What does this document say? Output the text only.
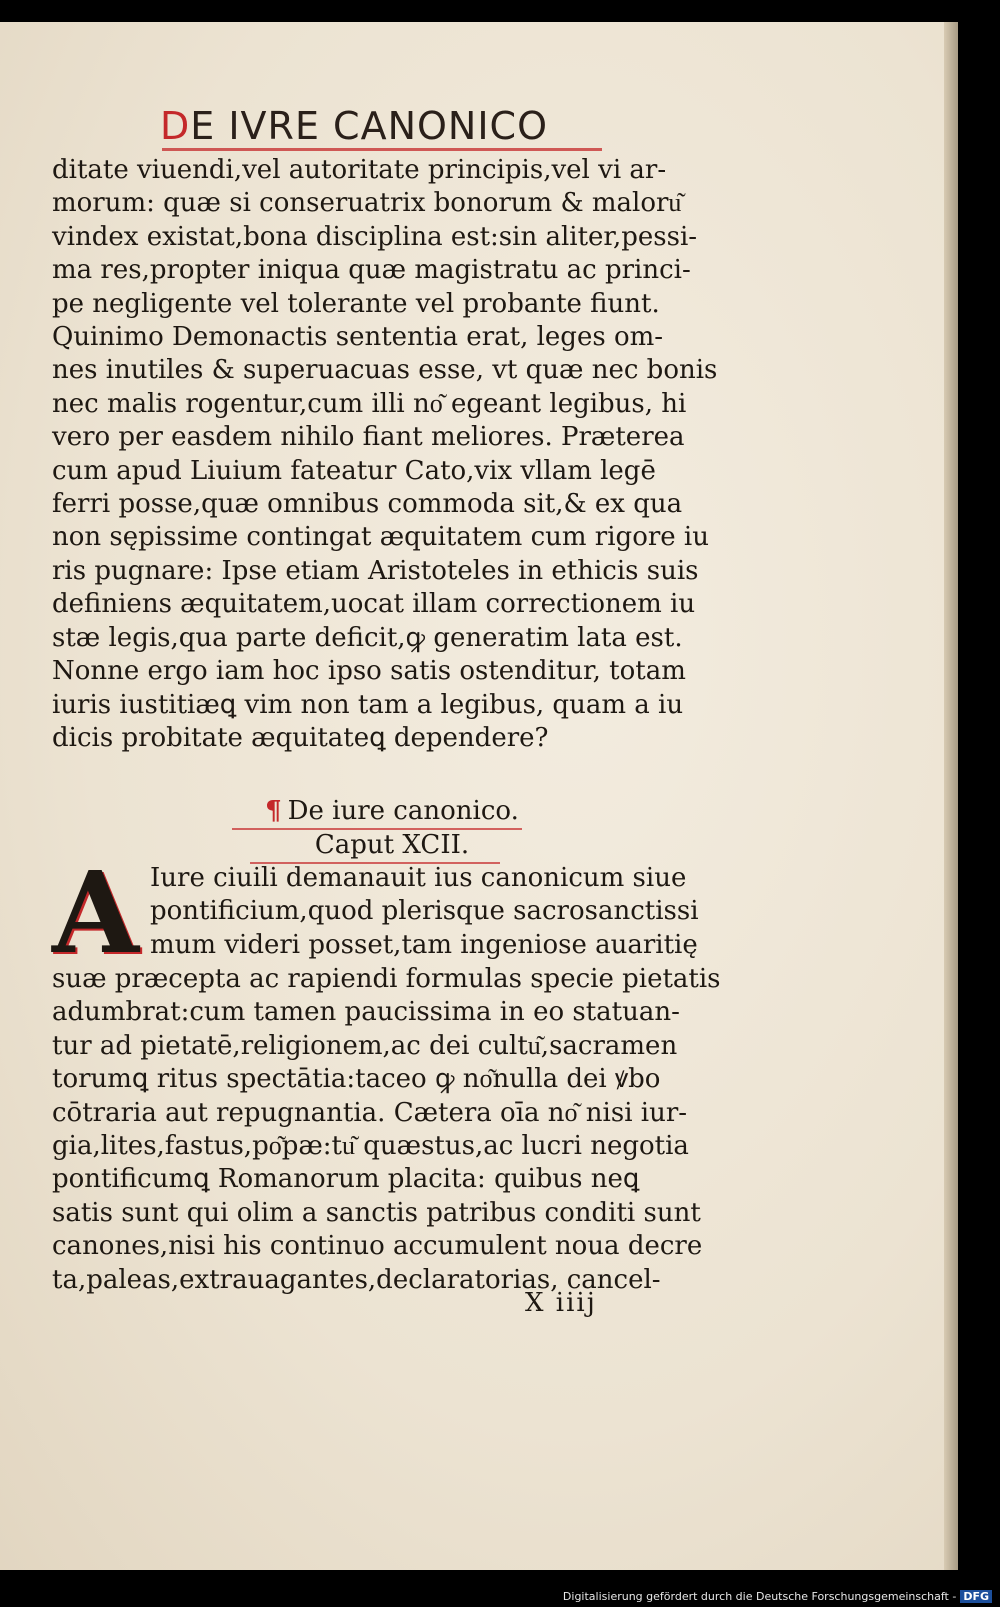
DE IVRE CANONICO
ditate viuendi,vel autoritate principis,vel vi ar-
morum: quæ si conseruatrix bonorum & maloru͂
vindex existat,bona disciplina est:sin aliter,pessi-
ma res,propter iniqua quæ magistratu ac princi-
pe negligente vel tolerante vel probante fiunt.
Quinimo Demonactis sententia erat, leges om-
nes inutiles & superuacuas esse, vt quæ nec bonis
nec malis rogentur,cum illi no͂ egeant legibus, hi
vero per easdem nihilo fiant meliores. Præterea
cum apud Liuium fateatur Cato,vix vllam legē
ferri posse,quæ omnibus commoda sit,& ex qua
non sępissime contingat æquitatem cum rigore iu
ris pugnare: Ipse etiam Aristoteles in ethicis suis
definiens æquitatem,uocat illam correctionem iu
stæ legis,qua parte deficit,ꝙ generatim lata est.
Nonne ergo iam hoc ipso satis ostenditur, totam
iuris iustitiæꝗ vim non tam a legibus, quam a iu
dicis probitate æquitateꝗ dependere?
¶ De iure canonico.
Caput XCII.
A Iure ciuili demanauit ius canonicum siue
pontificium,quod plerisque sacrosanctissi
mum videri posset,tam ingeniose auaritię
suæ præcepta ac rapiendi formulas specie pietatis
adumbrat:cum tamen paucissima in eo statuan-
tur ad pietatē,religionem,ac dei cultu͂,sacramen
torumꝗ ritus spectātia:taceo ꝙ no͂nulla dei ꝟbo
cōtraria aut repugnantia. Cætera oīa no͂ nisi iur-
gia,lites,fastus,po͂pæ:tu͂ quæstus,ac lucri negotia
pontificumꝗ Romanorum placita: quibus neꝗ
satis sunt qui olim a sanctis patribus conditi sunt
canones,nisi his continuo accumulent noua decre
ta,paleas,extrauagantes,declaratorias, cancel-
X iiij
Digitalisierung gefördert durch die Deutsche Forschungsgemeinschaft - DFG
